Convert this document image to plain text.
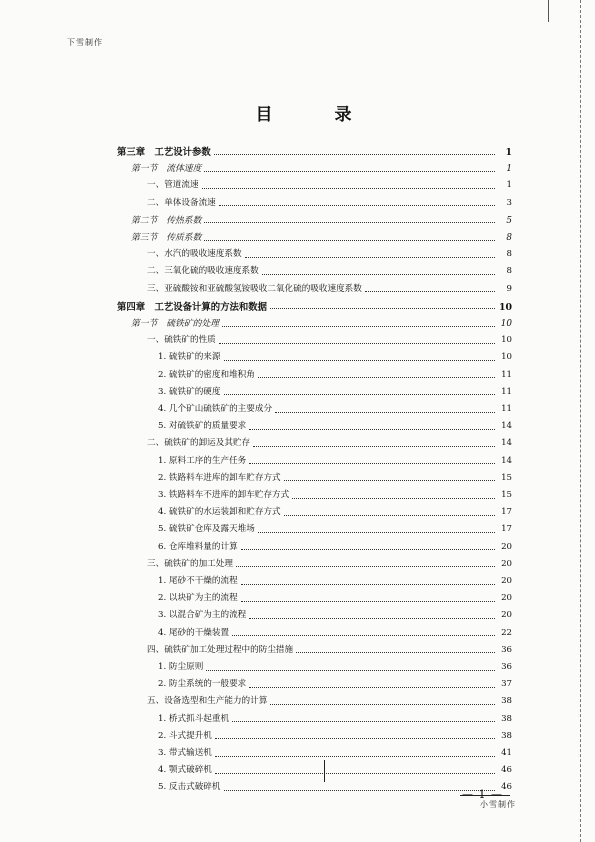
下雪制作
目 录
第三章　工艺设计参数	1
第一节　流体速度	1
一、管道流速	1
二、单体设备流速	3
第二节　传热系数	5
第三节　传质系数	8
一、水汽的吸收速度系数	8
二、三氧化硫的吸收速度系数	8
三、亚硫酸铵和亚硫酸氢铵吸收二氧化硫的吸收速度系数	9
第四章　工艺设备计算的方法和数据	10
第一节　硫铁矿的处理	10
一、硫铁矿的性质	10
1. 硫铁矿的来源	10
2. 硫铁矿的密度和堆积角	11
3. 硫铁矿的硬度	11
4. 几个矿山硫铁矿的主要成分	11
5. 对硫铁矿的质量要求	14
二、硫铁矿的卸运及其贮存	14
1. 原料工序的生产任务	14
2. 铁路料车进库的卸车贮存方式	15
3. 铁路料车不进库的卸车贮存方式	15
4. 硫铁矿的水运装卸和贮存方式	17
5. 硫铁矿仓库及露天堆场	17
6. 仓库堆料量的计算	20
三、硫铁矿的加工处理	20
1. 尾砂不干燥的流程	20
2. 以块矿为主的流程	20
3. 以混合矿为主的流程	20
4. 尾砂的干燥装置	22
四、硫铁矿加工处理过程中的防尘措施	36
1. 防尘原则	36
2. 防尘系统的一般要求	37
五、设备选型和生产能力的计算	38
1. 桥式抓斗起重机	38
2. 斗式提升机	38
3. 带式输送机	41
4. 颚式破碎机	46
5. 反击式破碎机	46
— 1 —
小雪制作
